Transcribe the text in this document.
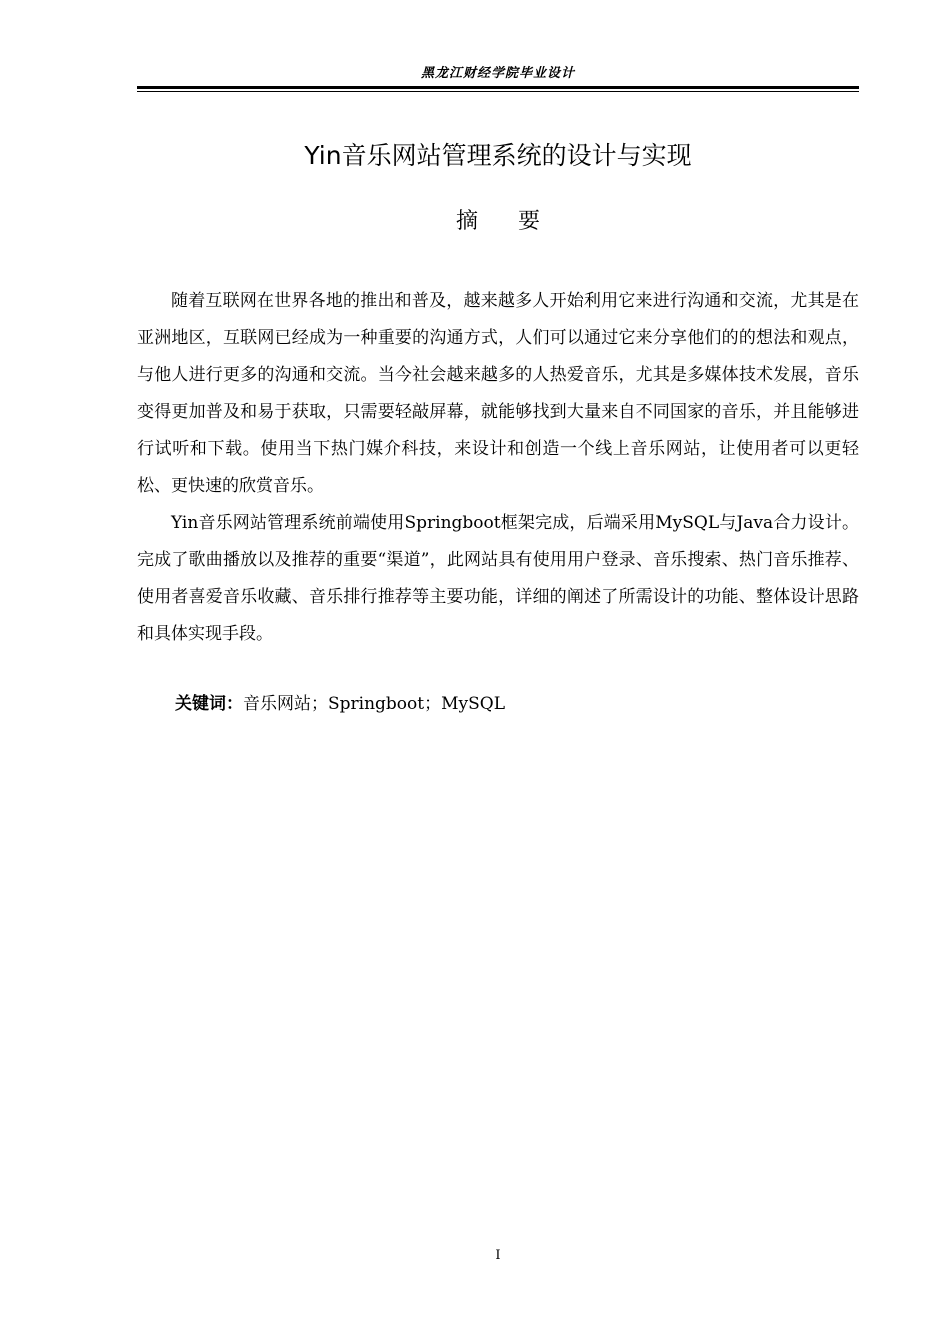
黑龙江财经学院毕业设计
Yin音乐网站管理系统的设计与实现
摘要

随着互联网在世界各地的推出和普及，越来越多人开始利用它来进行沟通和交流，尤其是在亚洲地区，互联网已经成为一种重要的沟通方式，人们可以通过它来分享他们的的想法和观点，与他人进行更多的沟通和交流。当今社会越来越多的人热爱音乐，尤其是多媒体技术发展，音乐变得更加普及和易于获取，只需要轻敲屏幕，就能够找到大量来自不同国家的音乐，并且能够进行试听和下载。使用当下热门媒介科技，来设计和创造一个线上音乐网站，让使用者可以更轻松、更快速的欣赏音乐。

Yin音乐网站管理系统前端使用Springboot框架完成，后端采用MySQL与Java合力设计。完成了歌曲播放以及推荐的重要“渠道”，此网站具有使用用户登录、音乐搜索、热门音乐推荐、使用者喜爱音乐收藏、音乐排行推荐等主要功能，详细的阐述了所需设计的功能、整体设计思路和具体实现手段。

关键词：音乐网站；Springboot；MySQL
I
